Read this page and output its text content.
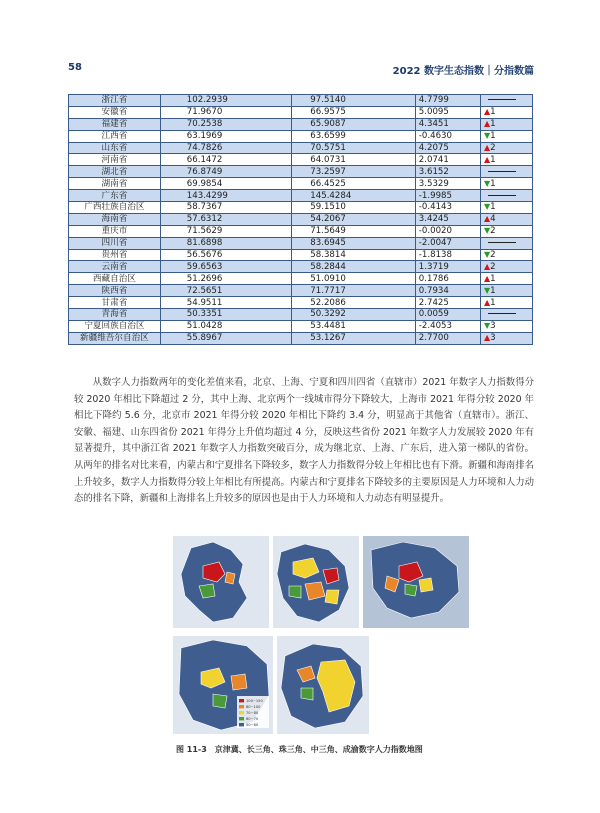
58	2022 数字生态指数｜分指数篇
浙江省	102.2939	97.5140	4.7799	
安徽省	71.9670	66.9575	5.0095	▲1
福建省	70.2538	65.9087	4.3451	▲1
江西省	63.1969	63.6599	-0.4630	▼1
山东省	74.7826	70.5751	4.2075	▲2
河南省	66.1472	64.0731	2.0741	▲1
湖北省	76.8749	73.2597	3.6152	
湖南省	69.9854	66.4525	3.5329	▼1
广东省	143.4299	145.4284	-1.9985	
广西壮族自治区	58.7367	59.1510	-0.4143	▼1
海南省	57.6312	54.2067	3.4245	▲4
重庆市	71.5629	71.5649	-0.0020	▼2
四川省	81.6898	83.6945	-2.0047	
贵州省	56.5676	58.3814	-1.8138	▼2
云南省	59.6563	58.2844	1.3719	▲2
西藏自治区	51.2696	51.0910	0.1786	▲1
陕西省	72.5651	71.7717	0.7934	▼1
甘肃省	54.9511	52.2086	2.7425	▲1
青海省	50.3351	50.3292	0.0059	
宁夏回族自治区	51.0428	53.4481	-2.4053	▼3
新疆维吾尔自治区	55.8967	53.1267	2.7700	▲3
从数字人力指数两年的变化差值来看，北京、上海、宁夏和四川四省（直辖市）2021 年数字人力指数得分较 2020 年相比下降超过 2 分，其中上海、北京两个一线城市得分下降较大，上海市 2021 年得分较 2020 年相比下降约 5.6 分，北京市 2021 年得分较 2020 年相比下降约 3.4 分，明显高于其他省（直辖市）。浙江、安徽、福建、山东四省份 2021 年得分上升值均超过 4 分，反映这些省份 2021 年数字人力发展较 2020 年有显著提升，其中浙江省 2021 年数字人力指数突破百分，成为继北京、上海、广东后，进入第一梯队的省份。从两年的排名对比来看，内蒙古和宁夏排名下降较多，数字人力指数得分较上年相比也有下滑。新疆和海南排名上升较多，数字人力指数得分较上年相比有所提高。内蒙古和宁夏排名下降较多的主要原因是人力环境和人力动态的排名下降，新疆和上海排名上升较多的原因也是由于人力环境和人力动态有明显提升。
100~150
80~100
70~80
60~70
50~60
图 11-3　京津冀、长三角、珠三角、中三角、成渝数字人力指数地图
